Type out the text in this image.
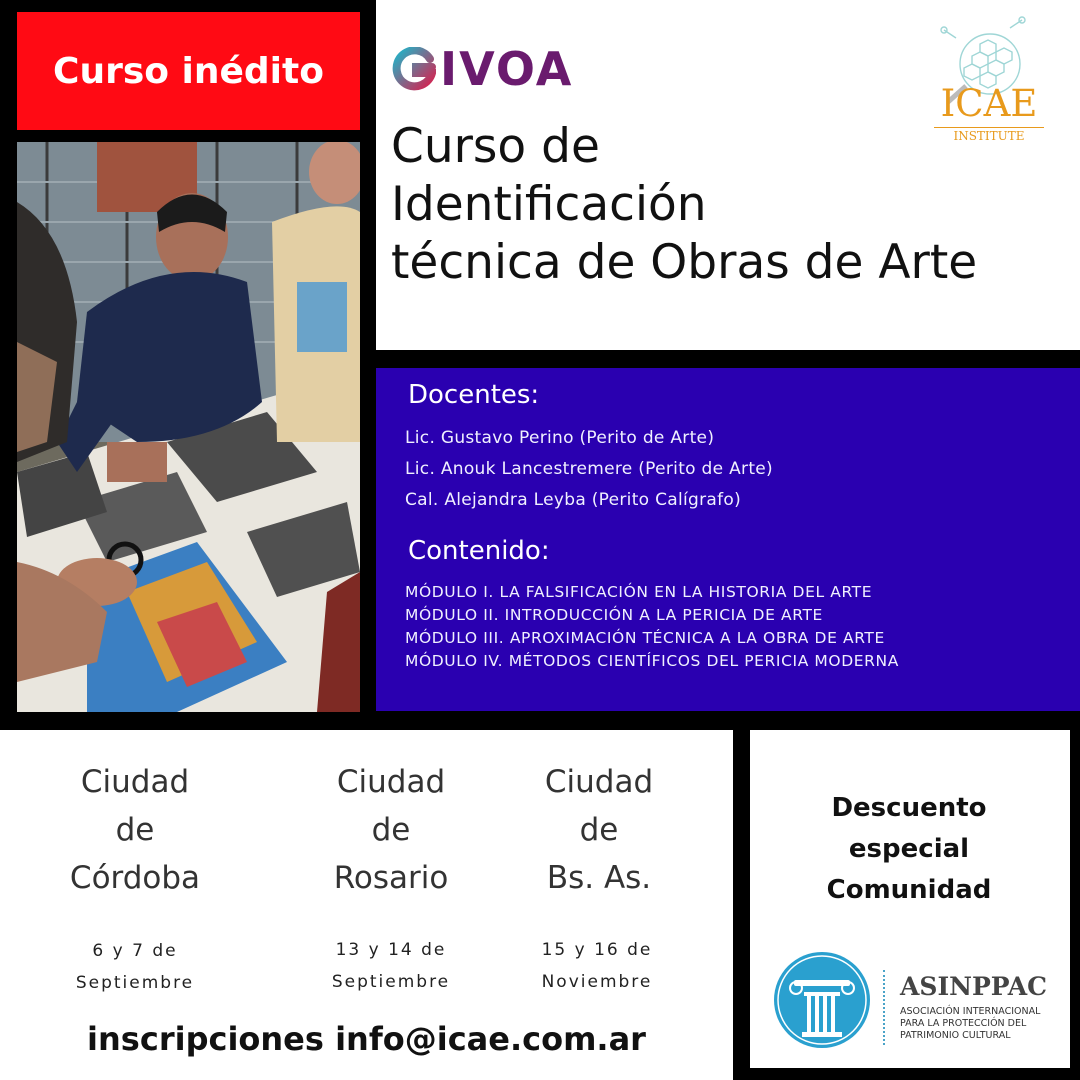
Curso inédito	IVOA
Curso de
Identificación
técnica de Obras de Arte
ICAE
INSTITUTE
Docentes:
Lic. Gustavo Perino (Perito de Arte)
Lic. Anouk Lancestremere (Perito de Arte)
Cal. Alejandra Leyba (Perito Calígrafo)
Contenido:
MÓDULO I. LA FALSIFICACIÓN EN LA HISTORIA DEL ARTE
MÓDULO II. INTRODUCCIÓN A LA PERICIA DE ARTE
MÓDULO III. APROXIMACIÓN TÉCNICA A LA OBRA DE ARTE
MÓDULO IV. MÉTODOS CIENTÍFICOS DEL PERICIA MODERNA
Ciudad
de
Córdoba
6 y 7 de
Septiembre
Ciudad
de
Rosario
13 y 14 de
Septiembre
Ciudad
de
Bs. As.
15 y 16 de
Noviembre
inscripciones info@icae.com.ar
Descuento
especial
Comunidad
ASINPPAC
ASOCIACIÓN INTERNACIONAL
PARA LA PROTECCIÓN DEL
PATRIMONIO CULTURAL
